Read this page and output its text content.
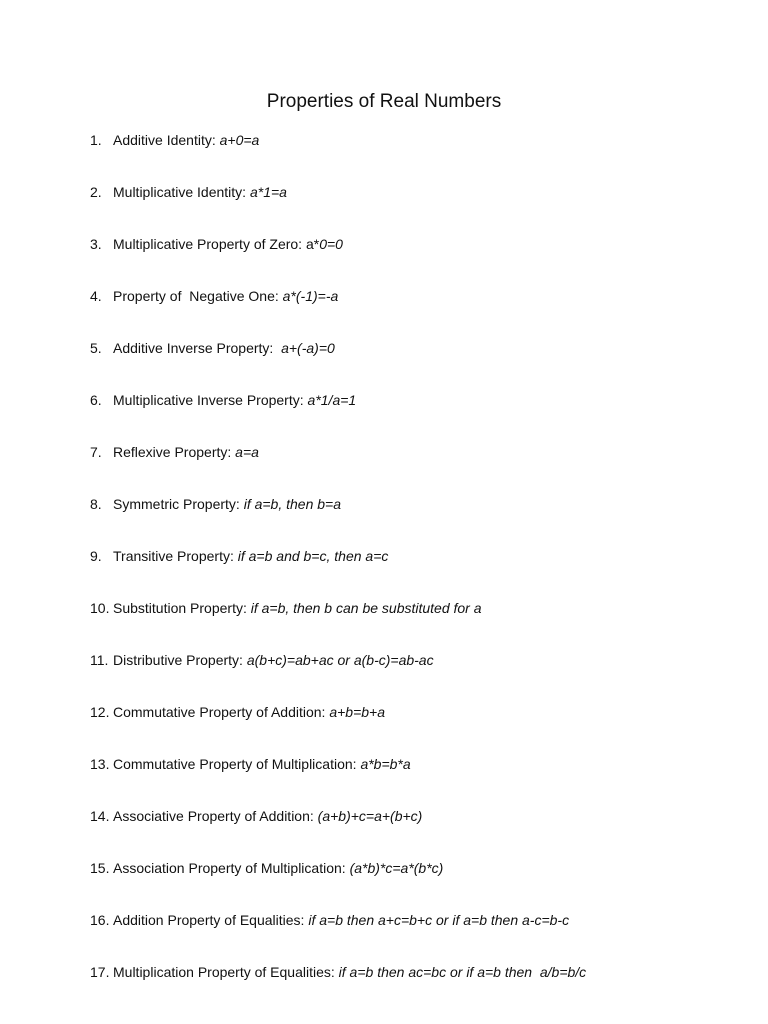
Properties of Real Numbers
1. Additive Identity: a+0=a
2. Multiplicative Identity: a*1=a
3. Multiplicative Property of Zero: a*0=0
4. Property of  Negative One: a*(-1)=-a
5. Additive Inverse Property:  a+(-a)=0
6. Multiplicative Inverse Property: a*1/a=1
7. Reflexive Property: a=a
8. Symmetric Property: if a=b, then b=a
9. Transitive Property: if a=b and b=c, then a=c
10. Substitution Property: if a=b, then b can be substituted for a
11. Distributive Property: a(b+c)=ab+ac or a(b-c)=ab-ac
12. Commutative Property of Addition: a+b=b+a
13. Commutative Property of Multiplication: a*b=b*a
14. Associative Property of Addition: (a+b)+c=a+(b+c)
15. Association Property of Multiplication: (a*b)*c=a*(b*c)
16. Addition Property of Equalities: if a=b then a+c=b+c or if a=b then a-c=b-c
17. Multiplication Property of Equalities: if a=b then ac=bc or if a=b then  a/b=b/c
